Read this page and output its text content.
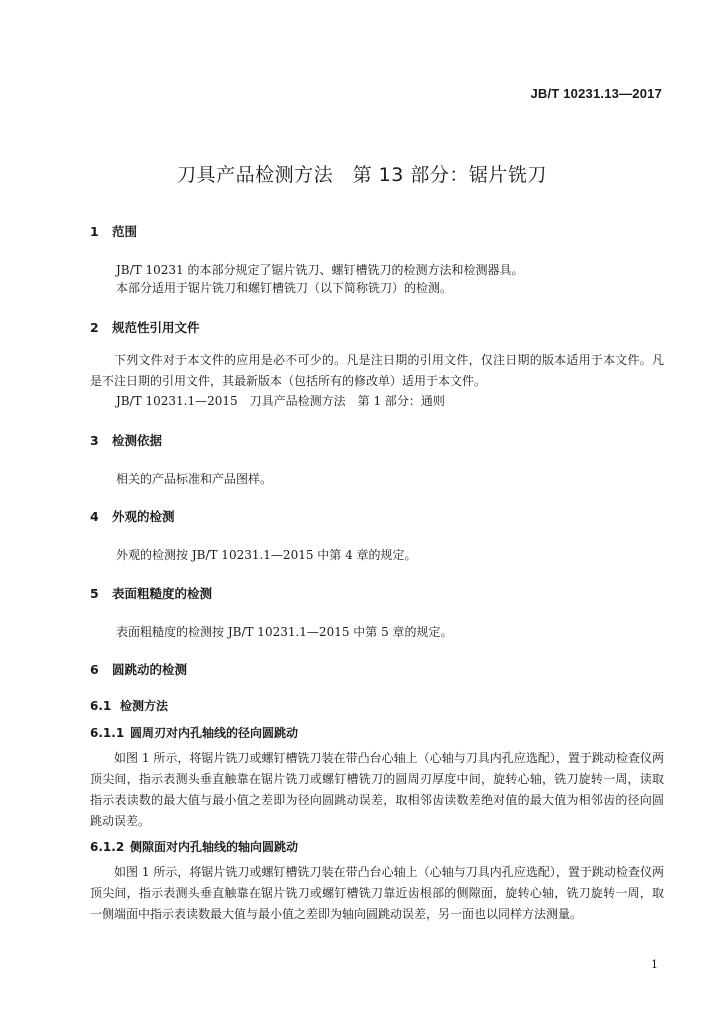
JB/T 10231.13—2017
刀具产品检测方法　第 13 部分：锯片铣刀
1 范围
JB/T 10231 的本部分规定了锯片铣刀、螺钉槽铣刀的检测方法和检测器具。
本部分适用于锯片铣刀和螺钉槽铣刀（以下简称铣刀）的检测。
2 规范性引用文件

下列文件对于本文件的应用是必不可少的。凡是注日期的引用文件，仅注日期的版本适用于本文件。凡是不注日期的引用文件，其最新版本（包括所有的修改单）适用于本文件。

JB/T 10231.1—2015　刀具产品检测方法　第 1 部分：通则
3 检测依据
相关的产品标准和产品图样。
4 外观的检测
外观的检测按 JB/T 10231.1—2015 中第 4 章的规定。
5 表面粗糙度的检测
表面粗糙度的检测按 JB/T 10231.1—2015 中第 5 章的规定。
6 圆跳动的检测
6.1 检测方法
6.1.1 圆周刃对内孔轴线的径向圆跳动

如图 1 所示，将锯片铣刀或螺钉槽铣刀装在带凸台心轴上（心轴与刀具内孔应选配），置于跳动检查仪两顶尖间，指示表测头垂直触靠在锯片铣刀或螺钉槽铣刀的圆周刃厚度中间，旋转心轴，铣刀旋转一周，读取指示表读数的最大值与最小值之差即为径向圆跳动误差，取相邻齿读数差绝对值的最大值为相邻齿的径向圆跳动误差。

6.1.2 侧隙面对内孔轴线的轴向圆跳动

如图 1 所示，将锯片铣刀或螺钉槽铣刀装在带凸台心轴上（心轴与刀具内孔应选配），置于跳动检查仪两顶尖间，指示表测头垂直触靠在锯片铣刀或螺钉槽铣刀靠近齿根部的侧隙面，旋转心轴，铣刀旋转一周，取一侧端面中指示表读数最大值与最小值之差即为轴向圆跳动误差，另一面也以同样方法测量。

1
